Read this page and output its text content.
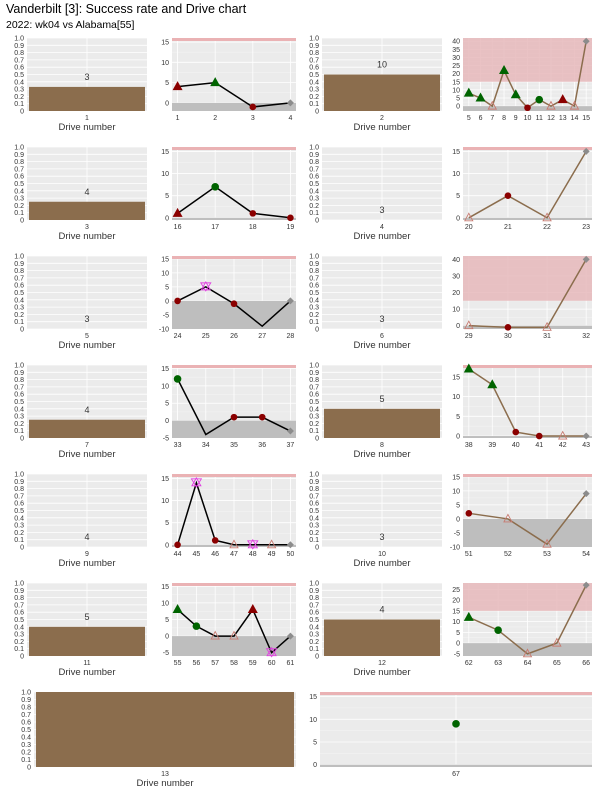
Vanderbilt [3]: Success rate and Drive chart
2022: wk04 vs Alabama[55]
0
0.1
0.2
0.3
0.4
0.5
0.6
0.7
0.8
0.9
1.0
3
1
Drive number
0
5
10
15
1	2	3	4
0
0.1
0.2
0.3
0.4
0.5
0.6
0.7
0.8
0.9
1.0
10
2
Drive number
0
5
10
15
20
25
30
35
40
5 6 7 8 9 10 11 12 13 14 15
0
0.1
0.2
0.3
0.4
0.5
0.6
0.7
0.8
0.9
1.0
4
3
Drive number
0
5
10
15
16	17	18	19
0
0.1
0.2
0.3
0.4
0.5
0.6
0.7
0.8
0.9
1.0
3
4
Drive number
0
5
10
15
20	21	22	23
0
0.1
0.2
0.3
0.4
0.5
0.6
0.7
0.8
0.9
1.0
3
5
Drive number
-10
-5
0
5
10
15
24	25	26	27	28
0
0.1
0.2
0.3
0.4
0.5
0.6
0.7
0.8
0.9
1.0
3
6
Drive number
0
10
20
30
40
29	30	31	32
0
0.1
0.2
0.3
0.4
0.5
0.6
0.7
0.8
0.9
1.0
4
7
Drive number
-5
0
5
10
15
33	34	35	36	37
0
0.1
0.2
0.3
0.4
0.5
0.6
0.7
0.8
0.9
1.0
5
8
Drive number
0
5
10
15
38 39 40 41 42 43
0
0.1
0.2
0.3
0.4
0.5
0.6
0.7
0.8
0.9
1.0
4
9
Drive number
0
5
10
15
44 45 46 47 48 49 50
0
0.1
0.2
0.3
0.4
0.5
0.6
0.7
0.8
0.9
1.0
3
10
Drive number
-10
-5
0
5
10
15
51	52	53	54
0
0.1
0.2
0.3
0.4
0.5
0.6
0.7
0.8
0.9
1.0
5
11
Drive number
-5
0
5
10
15
55 56 57 58 59 60 61
0
0.1
0.2
0.3
0.4
0.5
0.6
0.7
0.8
0.9
1.0
4
12
Drive number
-5
0
5
10
15
20
25
62	63	64	65	66
0
0.1
0.2
0.3
0.4
0.5
0.6
0.7
0.8
0.9
1.0
13
Drive number
0
5
10
15
67
